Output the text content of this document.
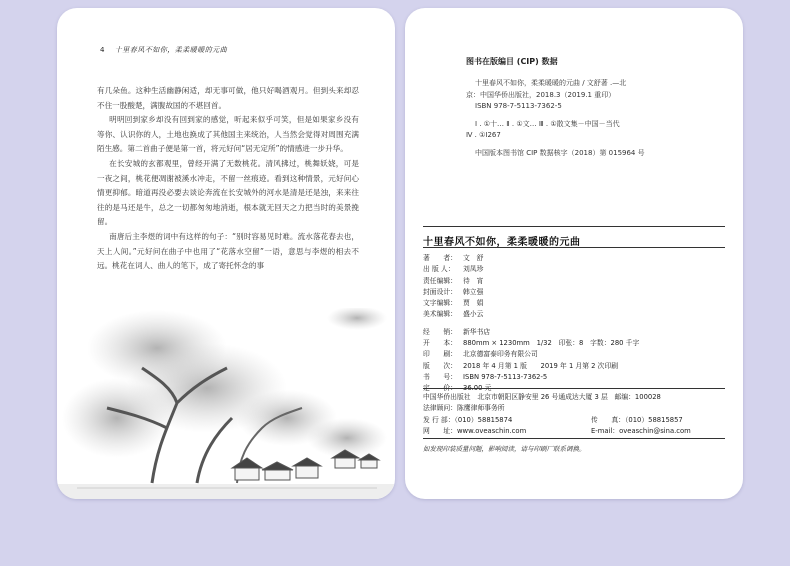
4 十里春风不如你，柔柔暖暖的元曲

有几朵鱼。这种生活幽静闲适，却无事可做，他只好喝酒观月。但到头来却忍不住一股酸楚，满腹故国的不堪回首。

明明回到家乡却没有回到家的感觉，听起来似乎可笑，但是如果家乡没有等你、认识你的人，土地也换成了其他国主来统治，人当然会觉得对周围充满陌生感。第二首曲子便是第一首，将元好问“居无定所”的情感进一步升华。

在长安城的玄都观里，曾经开满了无数桃花。清风拂过，桃舞妖娆，可是一夜之间，桃花便凋谢被溪水冲走，不留一丝痕迹。看到这种情景，元好问心情更抑郁。暗道再没必要去谈论奔流在长安城外的河水是清是还是浊，来来往往的是马还是牛，总之一切都匆匆地消逝，根本就无回天之力把当时的美景挽留。

南唐后主李煜的词中有这样的句子：“别时容易见时难。流水落花春去也，天上人间。”元好问在曲子中也用了“花落水空留”一语，意思与李煜的相去不远。桃花在词人、曲人的笔下，成了寄托怀念的事

图书在版编目 (CIP) 数据
十里春风不如你，柔柔暖暖的元曲 / 文舒著 .—北
京：中国华侨出版社，2018.3（2019.1 重印）
ISBN 978-7-5113-7362-5
Ⅰ . ①十… Ⅱ . ①文… Ⅲ . ①散文集－中国－当代
Ⅳ . ①I267
中国版本图书馆 CIP 数据核字（2018）第 015964 号
十里春风不如你，柔柔暖暖的元曲
著　　者： 文　舒
出 版 人：	刘凤珍
责任编辑： 待　宵
封面设计： 韩立强
文字编辑： 贾　娟
美术编辑： 盛小云
经　　销： 新华书店
开　　本： 880mm × 1230mm　1/32　印张：8　字数：280 千字
印　　刷： 北京德富泰印务有限公司
版　　次： 2018 年 4 月第 1 版　　2019 年 1 月第 2 次印刷
书　　号： ISBN 978-7-5113-7362-5
定　　价： 36.00 元
中国华侨出版社　北京市朝阳区静安里 26 号通成达大厦 3 层　邮编：100028
法律顾问：陈鹰律师事务所
发 行 部：（010）58815874	传　　真：（010）58815857
网　　址：www.oveaschin.com	E-mail：oveaschin@sina.com
如发现印装质量问题，影响阅读，请与印刷厂联系调换。
